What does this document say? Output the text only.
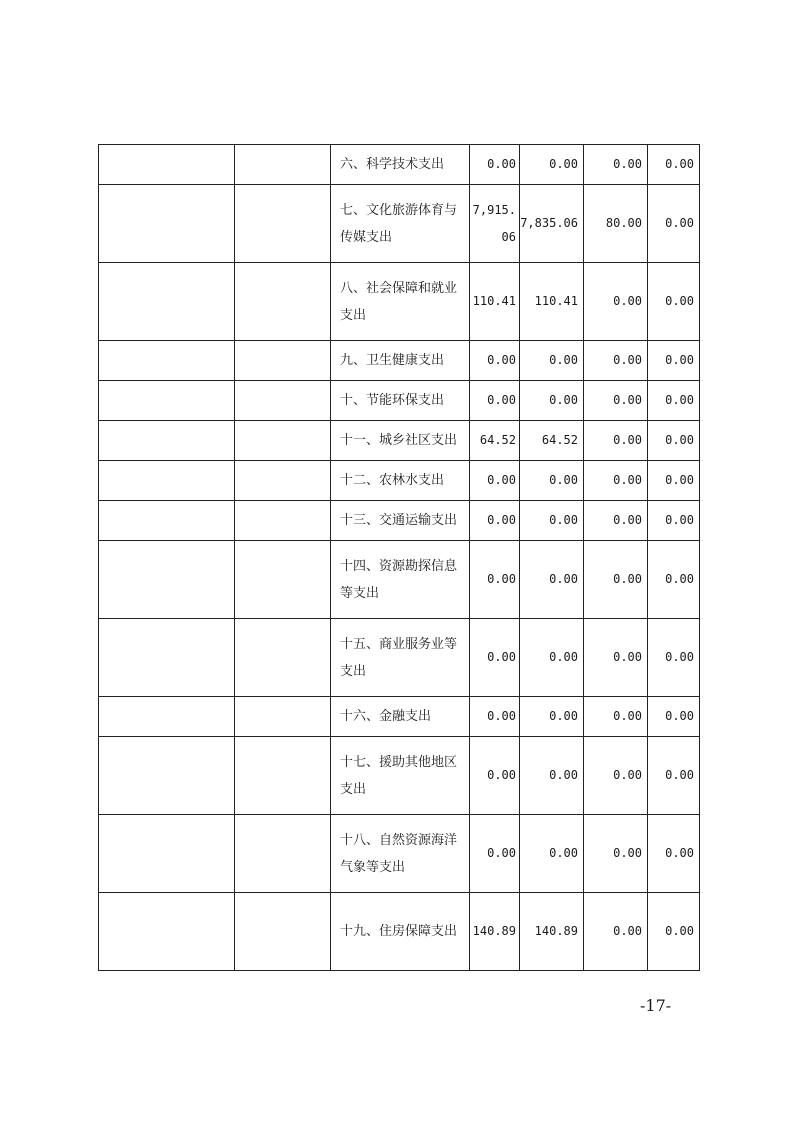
		六、科学技术支出	0.00	0.00	0.00	0.00
		七、文化旅游体育与传媒支出	7,915.06	7,835.06	80.00	0.00
		八、社会保障和就业支出	110.41	110.41	0.00	0.00
		九、卫生健康支出	0.00	0.00	0.00	0.00
		十、节能环保支出	0.00	0.00	0.00	0.00
		十一、城乡社区支出	64.52	64.52	0.00	0.00
		十二、农林水支出	0.00	0.00	0.00	0.00
		十三、交通运输支出	0.00	0.00	0.00	0.00
		十四、资源勘探信息等支出	0.00	0.00	0.00	0.00
		十五、商业服务业等支出	0.00	0.00	0.00	0.00
		十六、金融支出	0.00	0.00	0.00	0.00
		十七、援助其他地区支出	0.00	0.00	0.00	0.00
		十八、自然资源海洋气象等支出	0.00	0.00	0.00	0.00
		十九、住房保障支出	140.89	140.89	0.00	0.00
-17-
